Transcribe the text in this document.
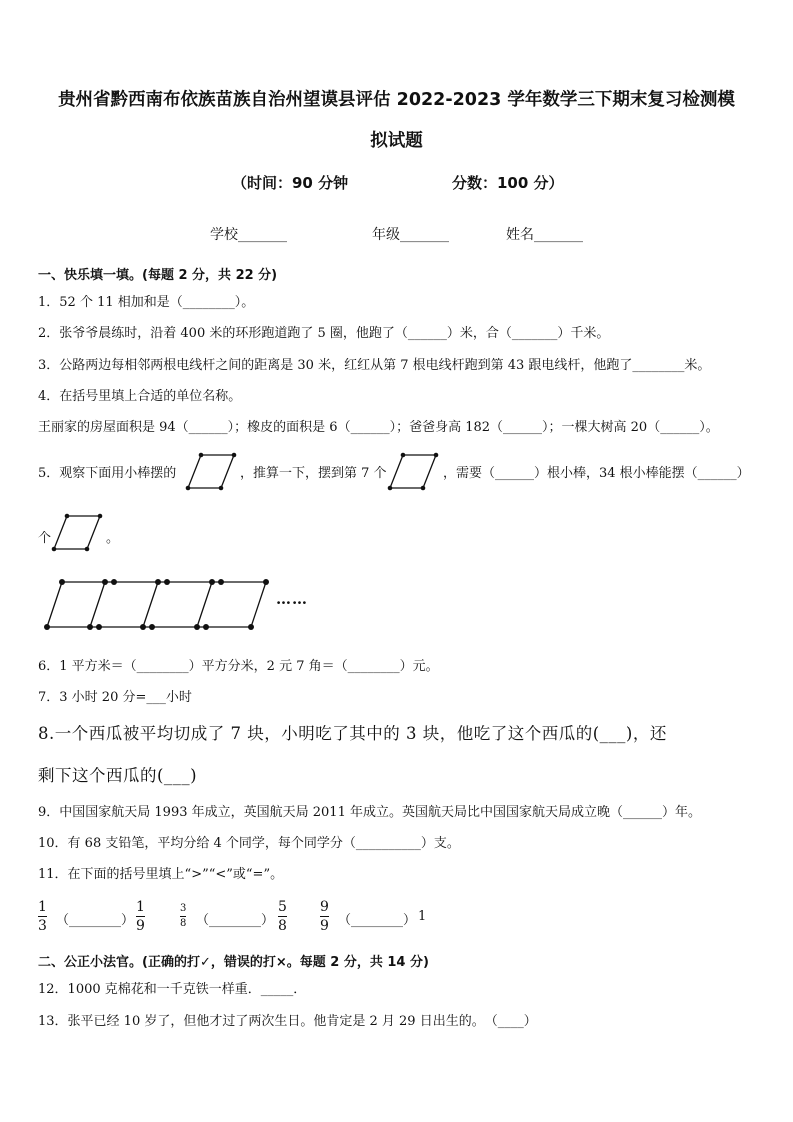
贵州省黔西南布依族苗族自治州望谟县评估 2022-2023 学年数学三下期末复习检测模
拟试题
（时间：90 分钟	分数：100 分）
学校_______	年级_______	姓名_______
一、快乐填一填。(每题 2 分，共 22 分)
1．52 个 11 相加和是（________）。
2．张爷爷晨练时，沿着 400 米的环形跑道跑了 5 圈，他跑了（______）米，合（_______）千米。
3．公路两边每相邻两根电线杆之间的距离是 30 米，红红从第 7 根电线杆跑到第 43 跟电线杆，他跑了________米。
4．在括号里填上合适的单位名称。
王丽家的房屋面积是 94（______）；橡皮的面积是 6（______）；爸爸身高 182（______）；一棵大树高 20（______）。
5．观察下面用小棒摆的	，推算一下，摆到第 7 个	，需要（______）根小棒，34 根小棒能摆（______）
个	。
……
6．1 平方米＝（________）平方分米，2 元 7 角＝（________）元。
7．3 小时 20 分=___小时
8.一个西瓜被平均切成了 7 块，小明吃了其中的 3 块，他吃了这个西瓜的(___)，还
剩下这个西瓜的(___)
9．中国国家航天局 1993 年成立，英国航天局 2011 年成立。英国航天局比中国国家航天局成立晚（______）年。
10．有 68 支铅笔，平均分给 4 个同学，每个同学分（__________）支。
11．在下面的括号里填上“>”“<”或“=”。
1
3 （________）
1
9
3
8 （________）
5
8
9
9 （________） 1
二、公正小法官。(正确的打✓，错误的打×。每题 2 分，共 14 分)
12．1000 克棉花和一千克铁一样重．_____．
13．张平已经 10 岁了，但他才过了两次生日。他肯定是 2 月 29 日出生的。　（____）
